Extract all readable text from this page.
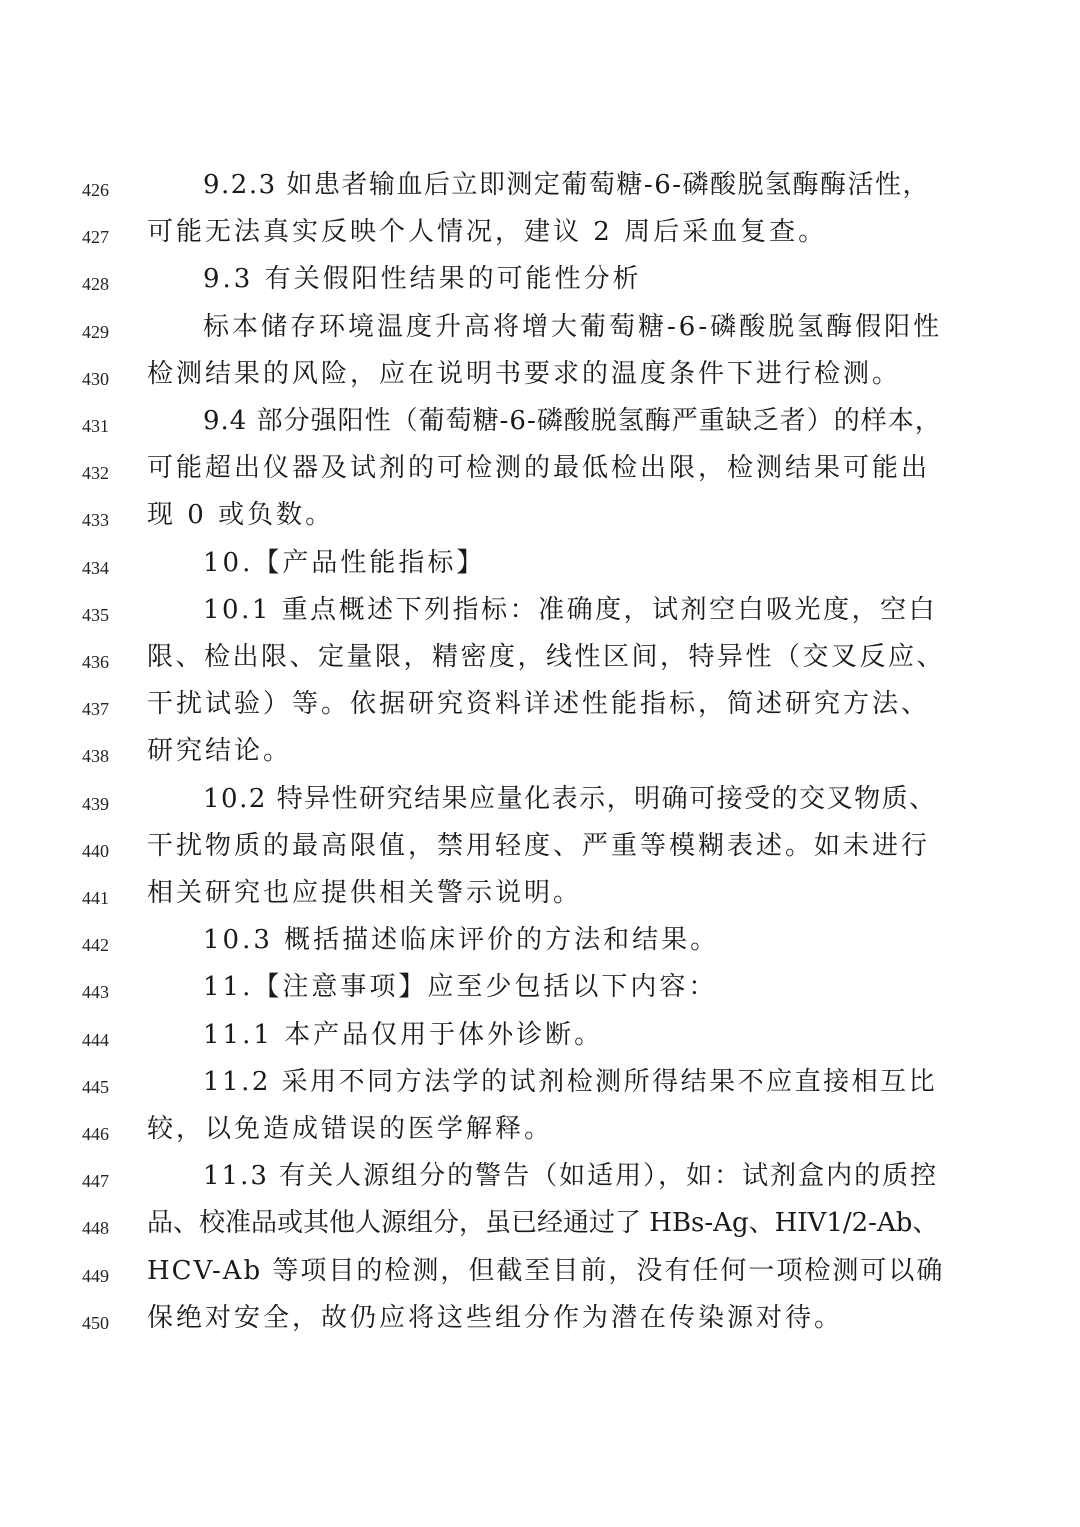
426	9.2.3 如患者输血后立即测定葡萄糖-6-磷酸脱氢酶酶活性，
427 可能无法真实反映个人情况，建议 2 周后采血复查。
428	9.3 有关假阳性结果的可能性分析
429	标本储存环境温度升高将增大葡萄糖-6-磷酸脱氢酶假阳性
430 检测结果的风险，应在说明书要求的温度条件下进行检测。
431	9.4 部分强阳性（葡萄糖-6-磷酸脱氢酶严重缺乏者）的样本，
432 可能超出仪器及试剂的可检测的最低检出限，检测结果可能出
433 现 0 或负数。
434	10.【产品性能指标】
435	10.1 重点概述下列指标：准确度，试剂空白吸光度，空白
436 限、检出限、定量限，精密度，线性区间，特异性（交叉反应、
437 干扰试验）等。依据研究资料详述性能指标，简述研究方法、
438 研究结论。
439	10.2 特异性研究结果应量化表示，明确可接受的交叉物质、
440 干扰物质的最高限值，禁用轻度、严重等模糊表述。如未进行
441 相关研究也应提供相关警示说明。
442	10.3 概括描述临床评价的方法和结果。
443	11.【注意事项】应至少包括以下内容：
444	11.1 本产品仅用于体外诊断。
445	11.2 采用不同方法学的试剂检测所得结果不应直接相互比
446 较，以免造成错误的医学解释。
447	11.3 有关人源组分的警告（如适用），如：试剂盒内的质控
448 品、校准品或其他人源组分，虽已经通过了 HBs-Ag、HIV1/2-Ab、
449 HCV-Ab 等项目的检测，但截至目前，没有任何一项检测可以确
450 保绝对安全，故仍应将这些组分作为潜在传染源对待。
